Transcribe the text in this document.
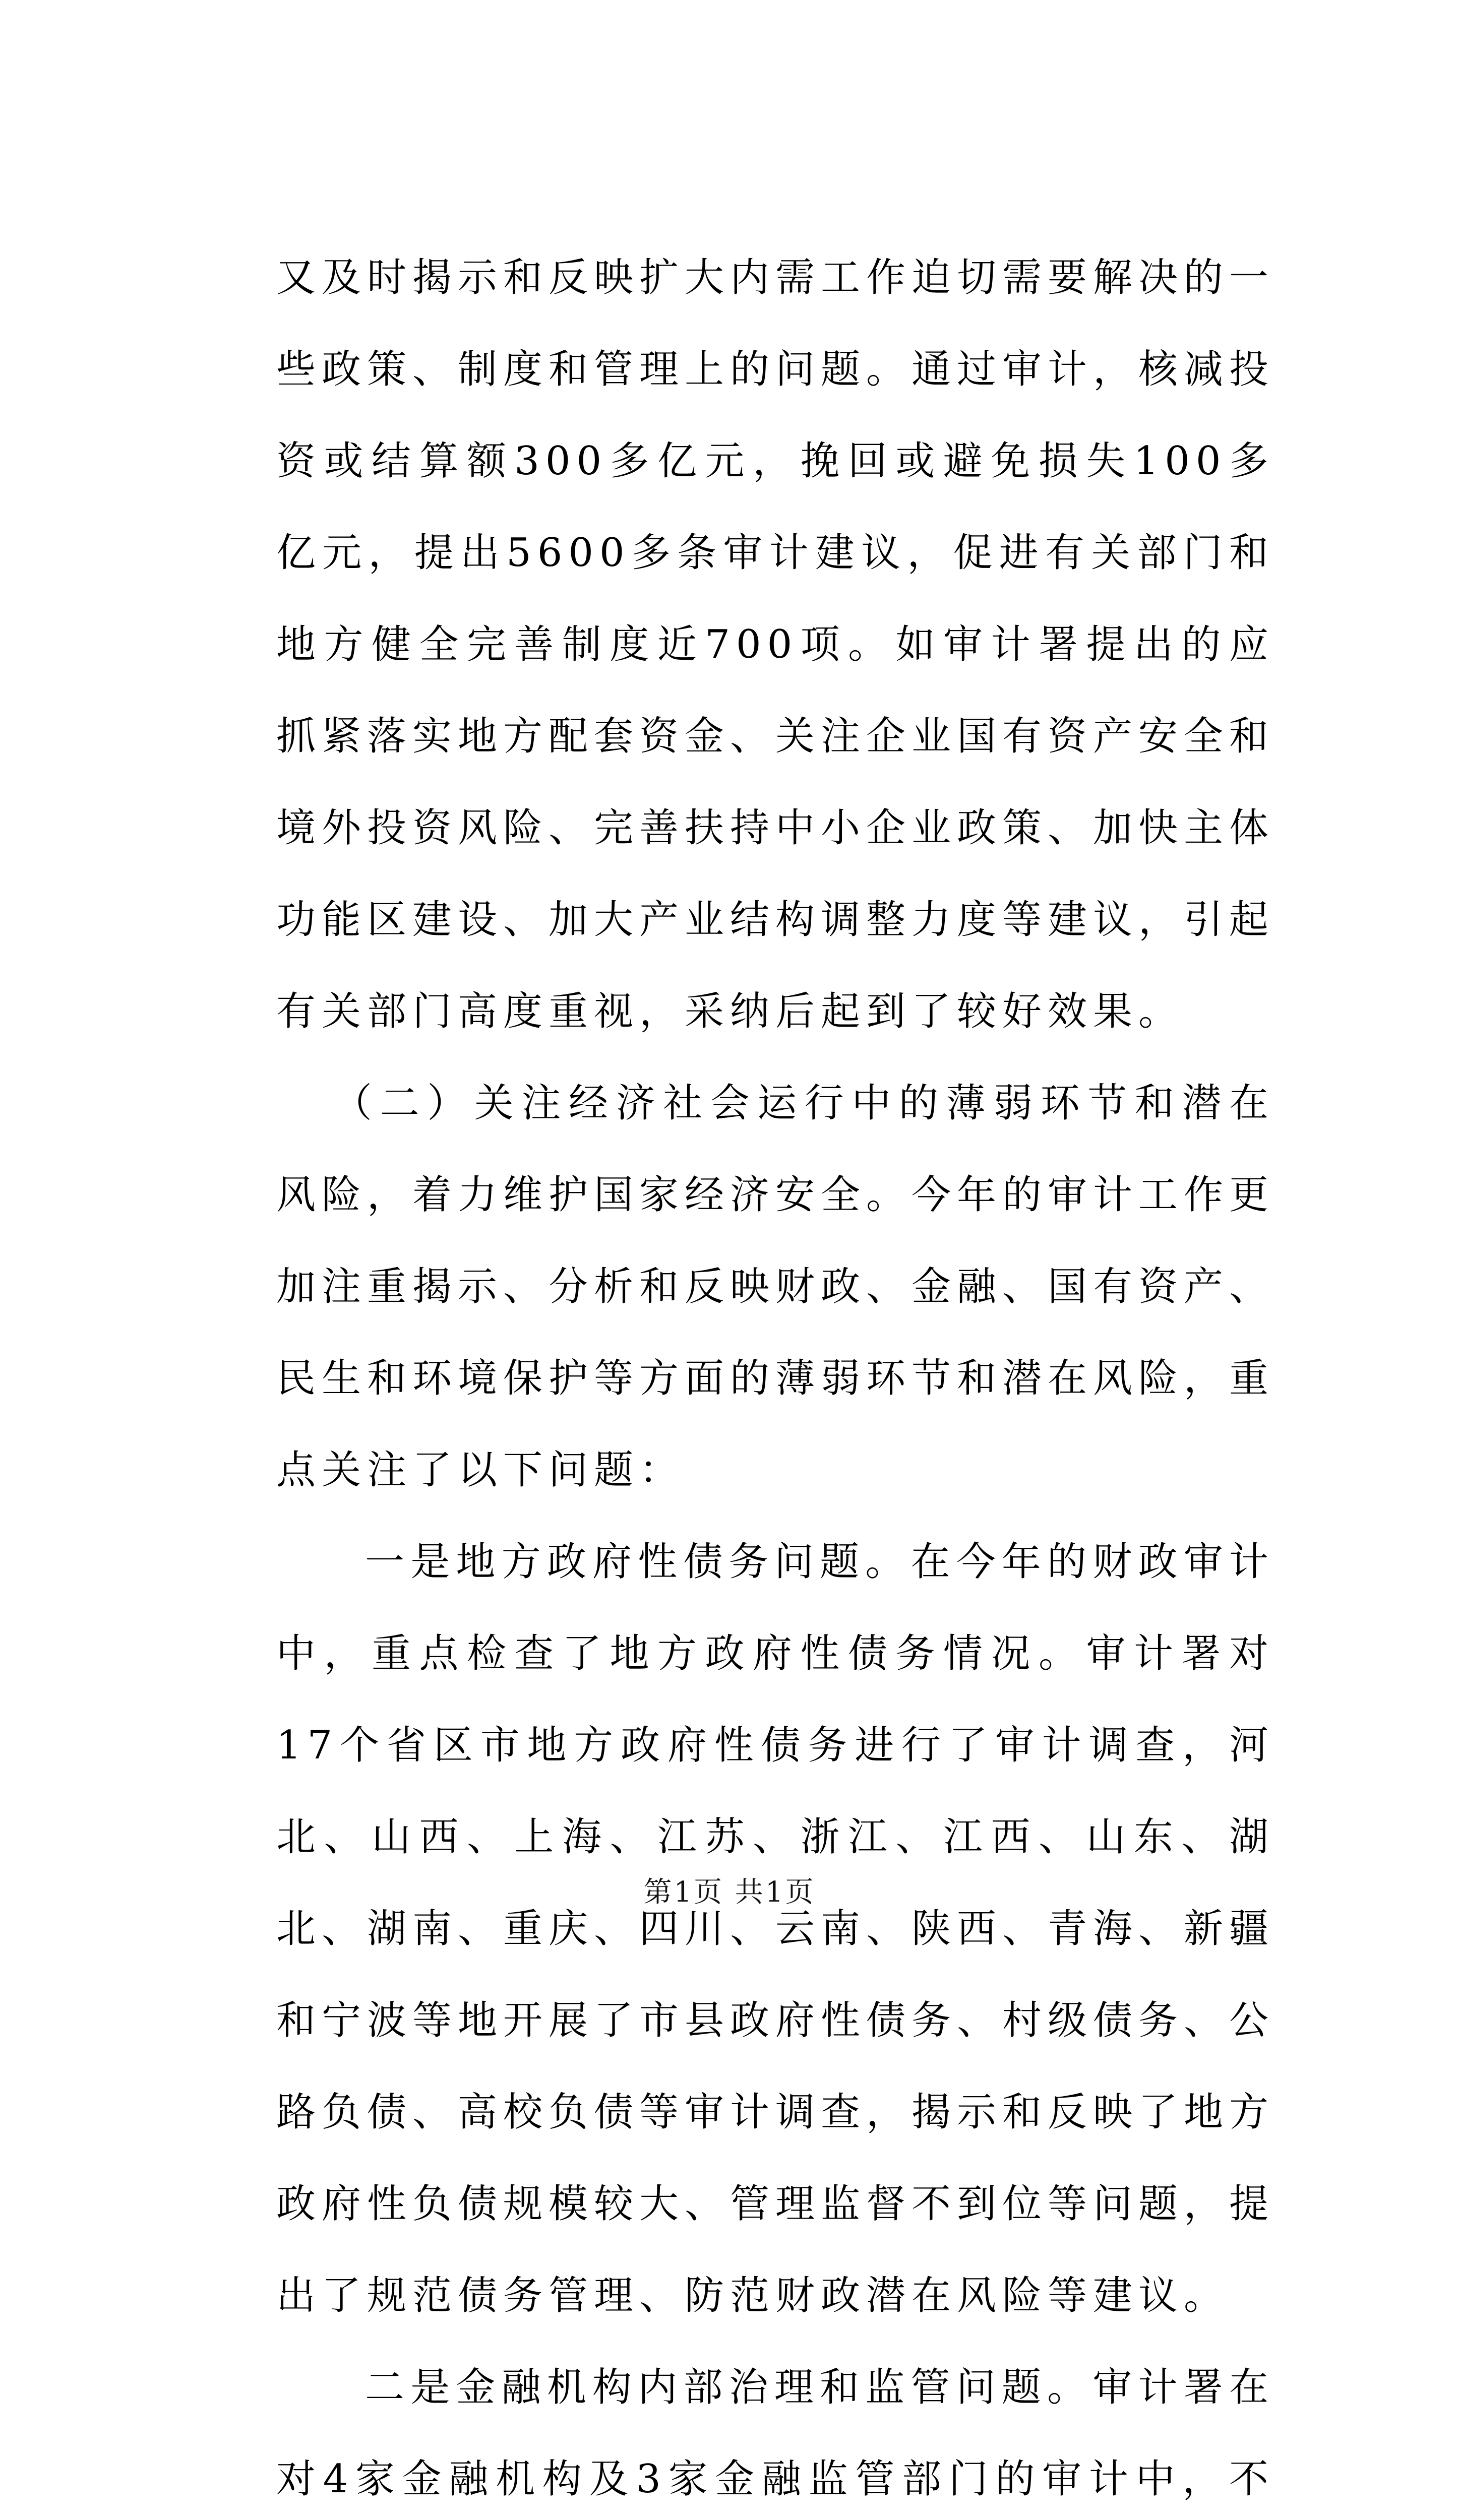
又及时揭示和反映扩大内需工作迫切需要解决的一些政策、制度和管理上的问题。通过审计，核减投资或结算额300多亿元，挽回或避免损失100多亿元，提出5600多条审计建议，促进有关部门和地方健全完善制度近700项。如审计署提出的应抓紧落实地方配套资金、关注企业国有资产安全和境外投资风险、完善扶持中小企业政策、加快主体功能区建设、加大产业结构调整力度等建议，引起有关部门高度重视，采纳后起到了较好效果。

（二）关注经济社会运行中的薄弱环节和潜在风险，着力维护国家经济安全。今年的审计工作更加注重揭示、分析和反映财政、金融、国有资产、民生和环境保护等方面的薄弱环节和潜在风险，重点关注了以下问题：

一是地方政府性债务问题。在今年的财政审计中，重点检查了地方政府性债务情况。审计署对17个省区市地方政府性债务进行了审计调查，河北、山西、上海、江苏、浙江、江西、山东、湖北、湖南、重庆、四川、云南、陕西、青海、新疆和宁波等地开展了市县政府性债务、村级债务、公路负债、高校负债等审计调查，揭示和反映了地方政府性负债规模较大、管理监督不到位等问题，提出了规范债务管理、防范财政潜在风险等建议。

二是金融机构内部治理和监管问题。审计署在对4家金融机构及3家金融监管部门的审计中，不

第1页 共1页
